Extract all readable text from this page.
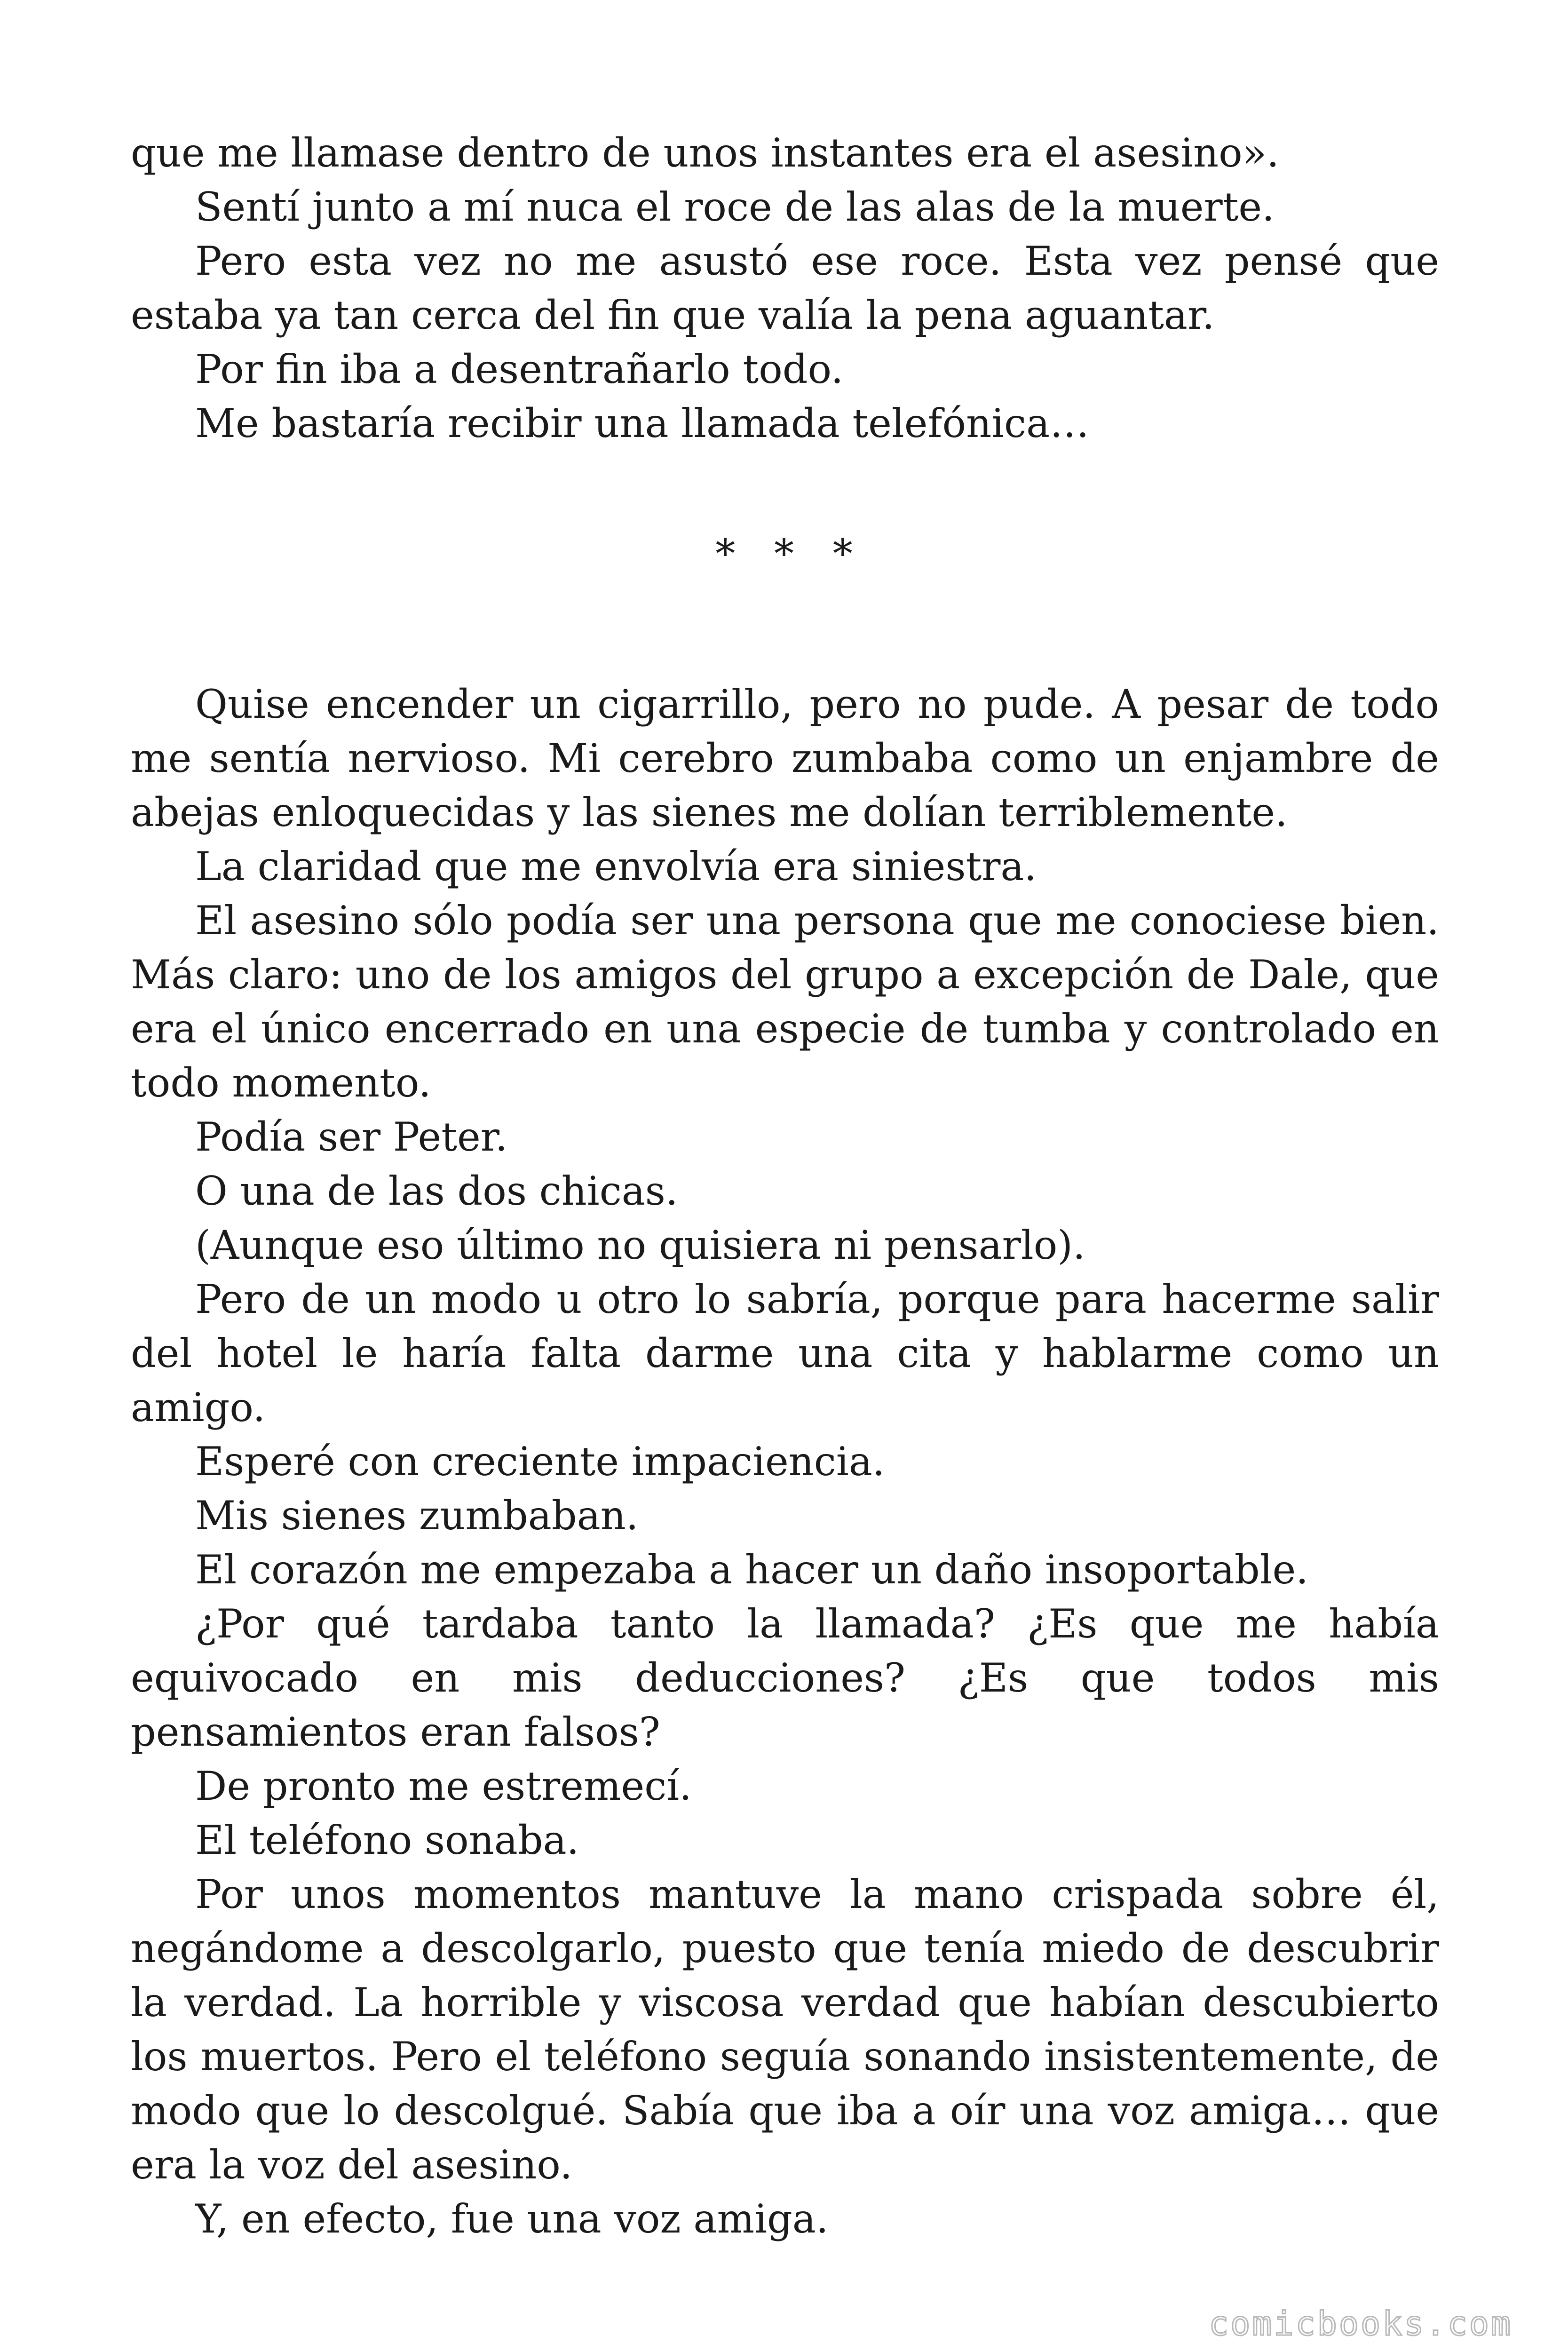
que me llamase dentro de unos instantes era el asesino».

Sentí junto a mí nuca el roce de las alas de la muerte.

Pero esta vez no me asustó ese roce. Esta vez pensé que estaba ya tan cerca del fin que valía la pena aguantar.

Por fin iba a desentrañarlo todo.

Me bastaría recibir una llamada telefónica…

* * *

Quise encender un cigarrillo, pero no pude. A pesar de todo me sentía nervioso. Mi cerebro zumbaba como un enjambre de abejas enloquecidas y las sienes me dolían terriblemente.

La claridad que me envolvía era siniestra.

El asesino sólo podía ser una persona que me conociese bien. Más claro: uno de los amigos del grupo a excepción de Dale, que era el único encerrado en una especie de tumba y controlado en todo momento.

Podía ser Peter.

O una de las dos chicas.

(Aunque eso último no quisiera ni pensarlo).

Pero de un modo u otro lo sabría, porque para hacerme salir del hotel le haría falta darme una cita y hablarme como un amigo.

Esperé con creciente impaciencia.

Mis sienes zumbaban.

El corazón me empezaba a hacer un daño insoportable.

¿Por qué tardaba tanto la llamada? ¿Es que me había equivocado en mis deducciones? ¿Es que todos mis pensamientos eran falsos?

De pronto me estremecí.

El teléfono sonaba.

Por unos momentos mantuve la mano crispada sobre él, negándome a descolgarlo, puesto que tenía miedo de descubrir la verdad. La horrible y viscosa verdad que habían descubierto los muertos. Pero el teléfono seguía sonando insistentemente, de modo que lo descolgué. Sabía que iba a oír una voz amiga… que era la voz del asesino.

Y, en efecto, fue una voz amiga.

comicbooks.com
